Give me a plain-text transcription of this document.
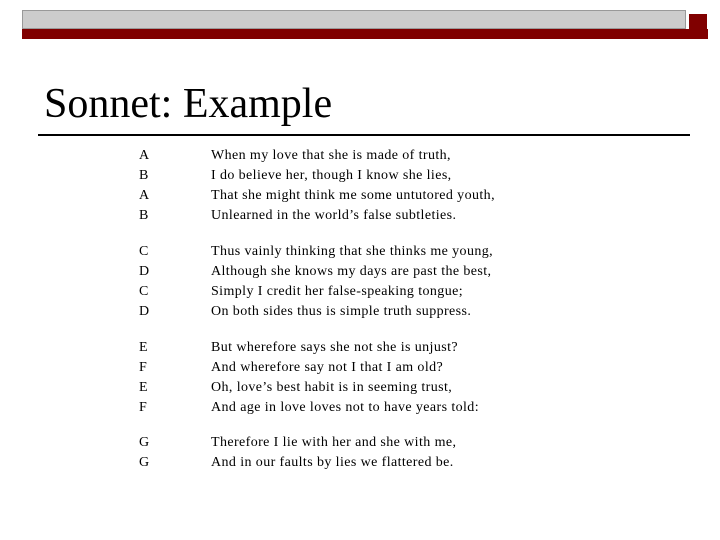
Sonnet: Example
A	When my love that she is made of truth,
B	I do believe her, though I know she lies,
A	That she might think me some untutored youth,
B	Unlearned in the world’s false subtleties.
C	Thus vainly thinking that she thinks me young,
D	Although she knows my days are past the best,
C	Simply I credit her false-speaking tongue;
D	On both sides thus is simple truth suppress.
E	But wherefore says she not she is unjust?
F	And wherefore say not I that I am old?
E	Oh, love’s best habit is in seeming trust,
F	And age in love loves not to have years told:
G	Therefore I lie with her and she with me,
G	And in our faults by lies we flattered be.
